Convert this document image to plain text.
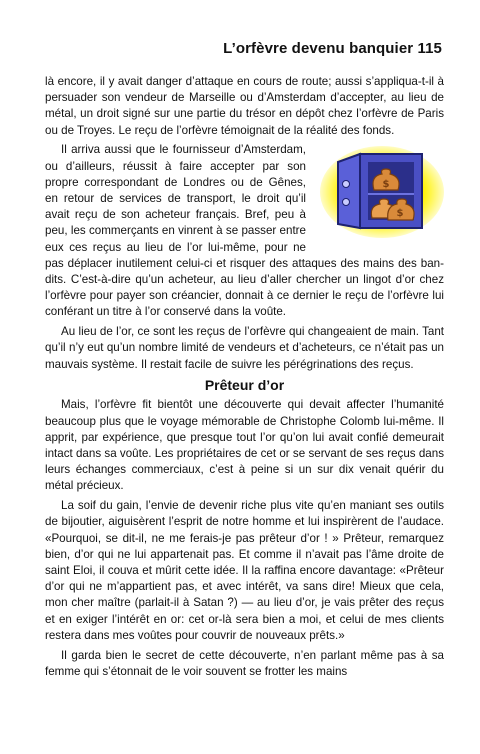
L’orfèvre devenu banquier 115

là encore, il y avait danger d’attaque en cours de route; aussi s’appliqua-t-il à persuader son vendeur de Marseille ou d’Amsterdam d’accepter, au lieu de métal, un droit signé sur une partie du trésor en dépôt chez l’orfèvre de Paris ou de Troyes. Le reçu de l’orfèvre témoignait de la réalité des fonds.

$
$
Il arriva aussi que le fournisseur d’Amsterdam, ou d’ailleurs, réussit à faire accepter par son propre correspondant de Londres ou de Gênes, en retour de services de transport, le droit qu’il avait reçu de son acheteur français. Bref, peu à peu, les commerçants en vinrent à se passer entre eux ces reçus au lieu de l’or lui-même, pour ne pas déplacer inutilement celui-ci et risquer des attaques des mains des bandits. C’est-à-dire qu’un acheteur, au lieu d’aller chercher un lingot d’or chez l’orfèvre pour payer son créancier, donnait à ce dernier le reçu de l’orfèvre lui conférant un titre à l’or conservé dans la voûte.

Au lieu de l’or, ce sont les reçus de l’orfèvre qui changeaient de main. Tant qu’il n’y eut qu’un nombre limité de vendeurs et d’acheteurs, ce n’était pas un mauvais système. Il restait facile de suivre les pérégrinations des reçus.

Prêteur d’or

Mais, l’orfèvre fit bientôt une découverte qui devait affecter l’humanité beaucoup plus que le voyage mémorable de Christophe Colomb lui-même. Il apprit, par expérience, que presque tout l’or qu’on lui avait confié demeurait intact dans sa voûte. Les propriétaires de cet or se servant de ses reçus dans leurs échanges commerciaux, c’est à peine si un sur dix venait quérir du métal précieux.

La soif du gain, l’envie de devenir riche plus vite qu’en maniant ses outils de bijoutier, aiguisèrent l’esprit de notre homme et lui inspirèrent de l’audace. «Pourquoi, se dit-il, ne me ferais-je pas prêteur d’or ! » Prêteur, remarquez bien, d’or qui ne lui appartenait pas. Et comme il n’avait pas l’âme droite de saint Eloi, il couva et mûrit cette idée. Il la raffina encore davantage: «Prêteur d’or qui ne m’appartient pas, et avec intérêt, va sans dire! Mieux que cela, mon cher maître (parlait-il à Satan ?) — au lieu d’or, je vais prêter des reçus et en exiger l’intérêt en or: cet or-là sera bien a moi, et celui de mes clients restera dans mes voûtes pour couvrir de nouveaux prêts.»

Il garda bien le secret de cette découverte, n’en parlant même pas à sa femme qui s’étonnait de le voir souvent se frotter les mains
